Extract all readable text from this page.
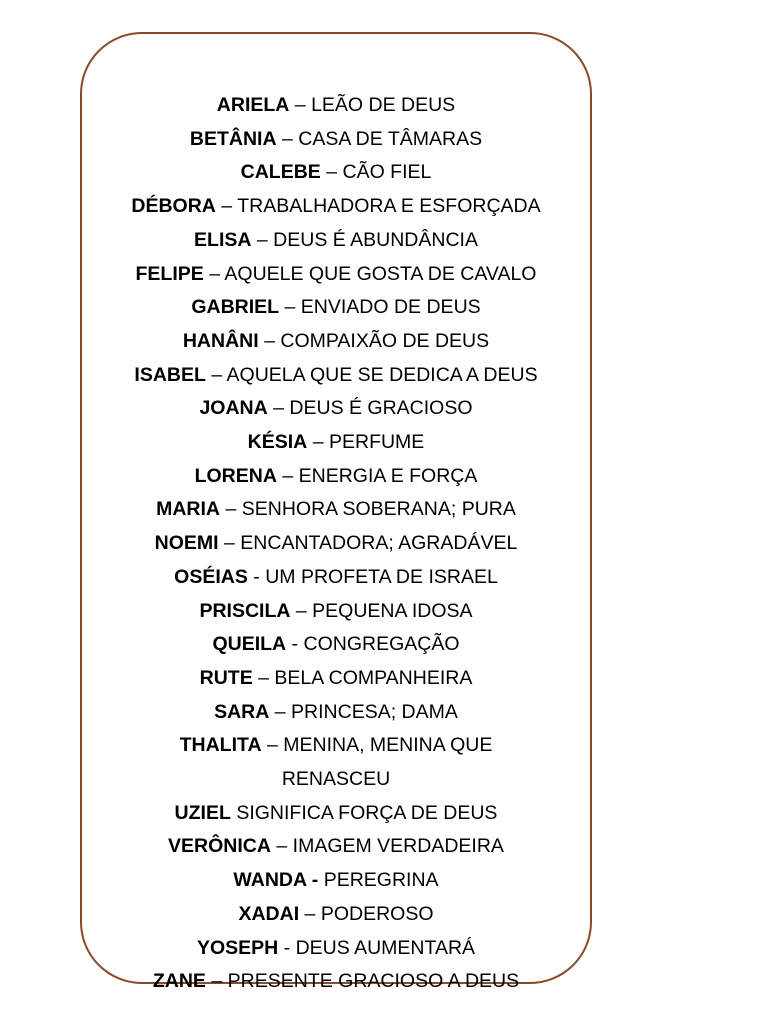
ARIELA – LEÃO DE DEUS
BETÂNIA – CASA DE TÂMARAS
CALEBE – CÃO FIEL
DÉBORA – TRABALHADORA E ESFORÇADA
ELISA – DEUS É ABUNDÂNCIA
FELIPE – AQUELE QUE GOSTA DE CAVALO
GABRIEL – ENVIADO DE DEUS
HANÂNI – COMPAIXÃO DE DEUS
ISABEL – AQUELA QUE SE DEDICA A DEUS
JOANA – DEUS É GRACIOSO
KÉSIA – PERFUME
LORENA – ENERGIA E FORÇA
MARIA – SENHORA SOBERANA; PURA
NOEMI – ENCANTADORA; AGRADÁVEL
OSÉIAS - UM PROFETA DE ISRAEL
PRISCILA – PEQUENA IDOSA
QUEILA - CONGREGAÇÃO
RUTE – BELA COMPANHEIRA
SARA – PRINCESA; DAMA
THALITA – MENINA, MENINA QUE
RENASCEU
UZIEL SIGNIFICA FORÇA DE DEUS
VERÔNICA – IMAGEM VERDADEIRA
WANDA - PEREGRINA
XADAI – PODEROSO
YOSEPH - DEUS AUMENTARÁ
ZANE – PRESENTE GRACIOSO A DEUS
